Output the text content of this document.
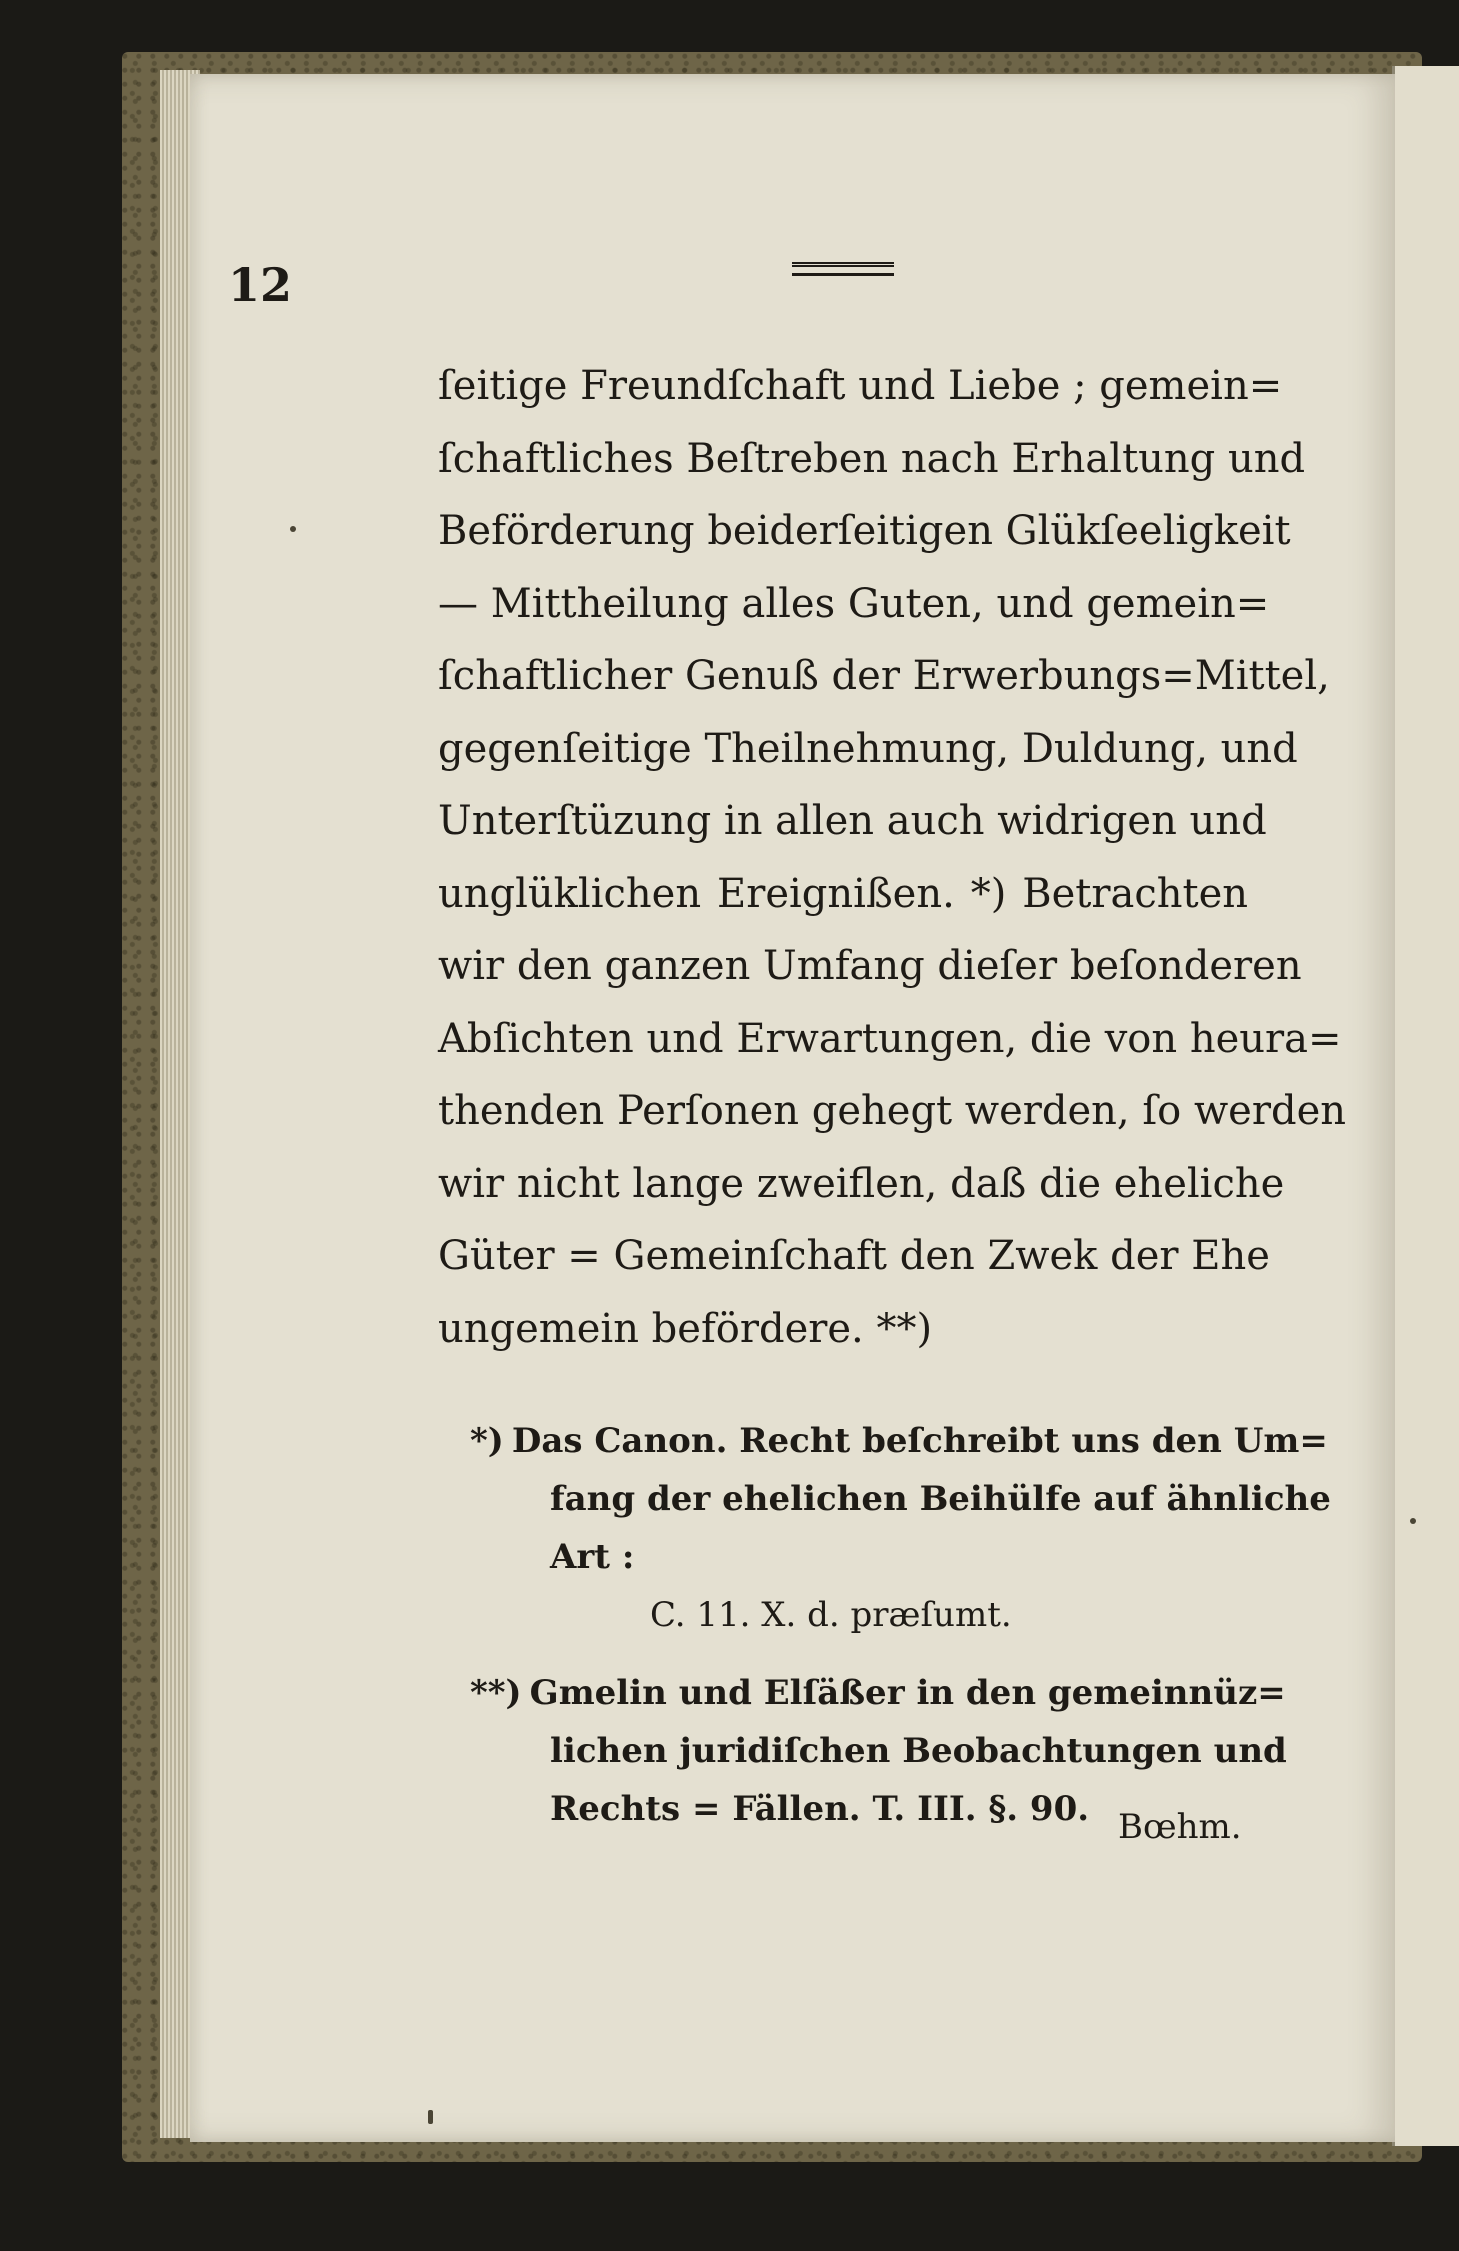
12

ſeitige Freundſchaft und Liebe ; gemein=
ſchaftliches Beſtreben nach Erhaltung und
Beförderung beiderſeitigen Glükſeeligkeit
— Mittheilung alles Guten, und gemein=
ſchaftlicher Genuß der Erwerbungs=Mittel,
gegenſeitige Theilnehmung, Duldung, und
Unterſtüzung in allen auch widrigen und
unglüklichen Ereignißen. *) Betrachten
wir den ganzen Umfang dieſer beſonderen
Abſichten und Erwartungen, die von heura=
thenden Perſonen gehegt werden, ſo werden
wir nicht lange zweiflen, daß die eheliche
Güter = Gemeinſchaft den Zwek der Ehe
ungemein befördere. **)
*) Das Canon. Recht beſchreibt uns den Um=
fang der ehelichen Beihülfe auf ähnliche
Art :
C. 11. X. d. præſumt.
**) Gmelin und Elſäßer in den gemeinnüz=
lichen juridiſchen Beobachtungen und
Rechts = Fällen. T. III. §. 90. Bœhm.
